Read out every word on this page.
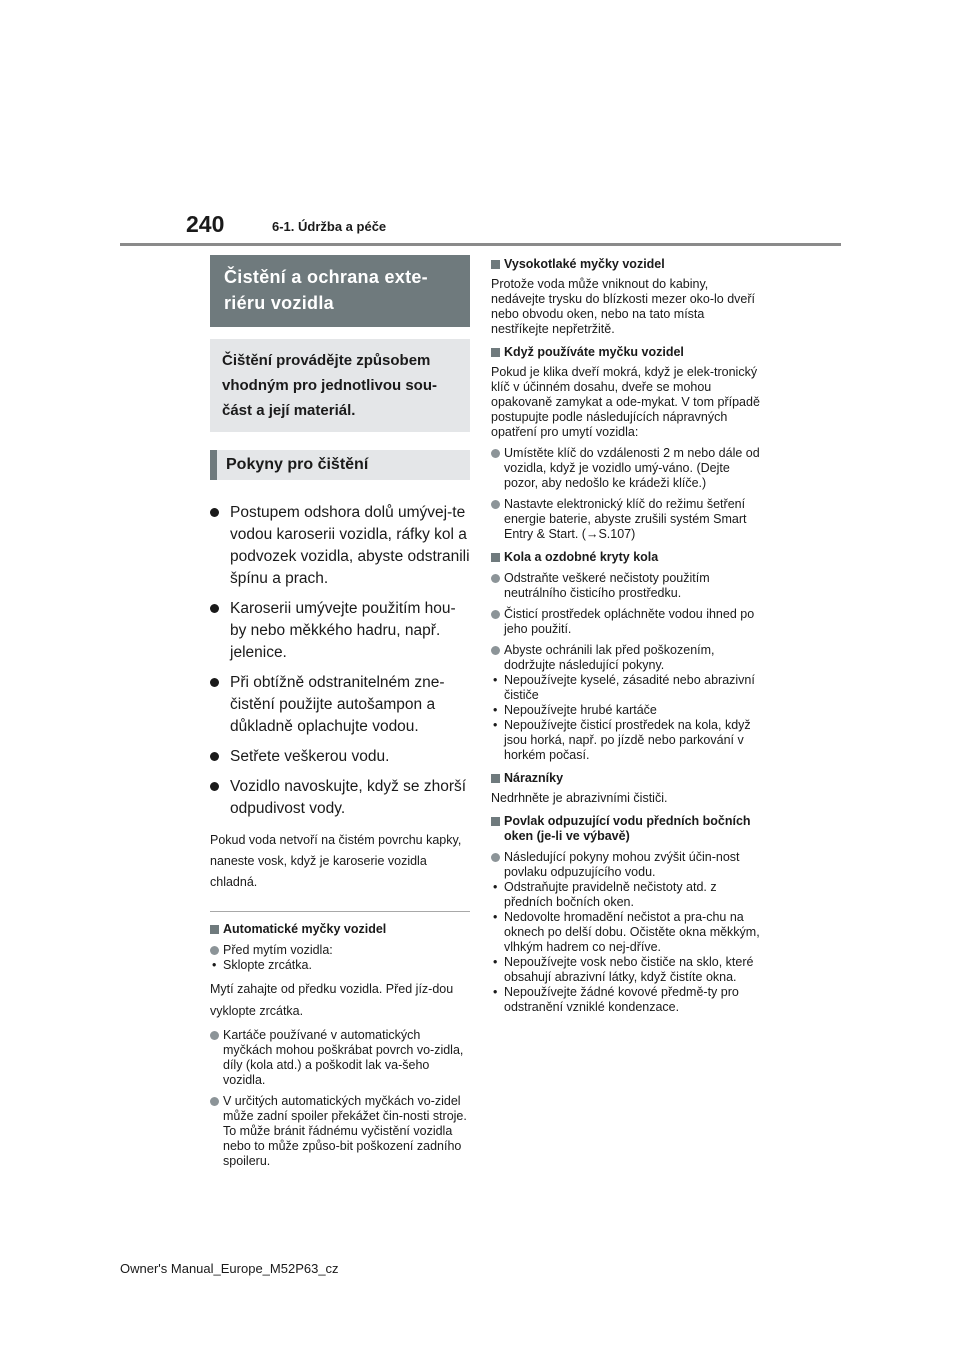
240	6-1. Údržba a péče
Čistění a ochrana exte-riéru vozidla
Čištění provádějte způsobem vhodným pro jednotlivou sou-část a její materiál.
Pokyny pro čištění
Postupem odshora dolů umývej-te vodou karoserii vozidla, ráfky kol a podvozek vozidla, abyste odstranili špínu a prach.
Karoserii umývejte použitím hou-by nebo měkkého hadru, např. jelenice.
Při obtížně odstranitelném zne-čistění použijte autošampon a důkladně oplachujte vodou.
Setřete veškerou vodu.
Vozidlo navoskujte, když se zhorší odpudivost vody.
Pokud voda netvoří na čistém povrchu kapky, naneste vosk, když je karoserie vozidla chladná.
Automatické myčky vozidel
Před mytím vozidla:
• Sklopte zrcátka.
Mytí zahajte od předku vozidla. Před jíz-dou vyklopte zrcátka.
Kartáče používané v automatických myčkách mohou poškrábat povrch vo-zidla, díly (kola atd.) a poškodit lak va-šeho vozidla.
V určitých automatických myčkách vo-zidel může zadní spoiler překážet čin-nosti stroje. To může bránit řádnému vyčistění vozidla nebo to může způso-bit poškození zadního spoileru.
Vysokotlaké myčky vozidel
Protože voda může vniknout do kabiny, nedávejte trysku do blízkosti mezer oko-lo dveří nebo obvodu oken, nebo na tato místa nestříkejte nepřetržitě.
Když používáte myčku vozidel
Pokud je klika dveří mokrá, když je elek-tronický klíč v účinném dosahu, dveře se mohou opakovaně zamykat a ode-mykat. V tom případě postupujte podle následujících nápravných opatření pro umytí vozidla:
Umístěte klíč do vzdálenosti 2 m nebo dále od vozidla, když je vozidlo umý-váno. (Dejte pozor, aby nedošlo ke krádeži klíče.)
Nastavte elektronický klíč do režimu šetření energie baterie, abyste zrušili systém Smart Entry & Start. (→S.107)
Kola a ozdobné kryty kola
Odstraňte veškeré nečistoty použitím neutrálního čisticího prostředku.
Čisticí prostředek opláchněte vodou ihned po jeho použití.
Abyste ochránili lak před poškozením, dodržujte následující pokyny.
• Nepoužívejte kyselé, zásadité nebo abrazivní čističe
• Nepoužívejte hrubé kartáče
• Nepoužívejte čisticí prostředek na kola, když jsou horká, např. po jízdě nebo parkování v horkém počasí.
Nárazníky
Nedrhněte je abrazivními čističi.
Povlak odpuzující vodu předních bočních oken (je-li ve výbavě)
Následující pokyny mohou zvýšit účin-nost povlaku odpuzujícího vodu.
• Odstraňujte pravidelně nečistoty atd. z předních bočních oken.
• Nedovolte hromadění nečistot a pra-chu na oknech po delší dobu. Očistěte okna měkkým, vlhkým hadrem co nej-dříve.
• Nepoužívejte vosk nebo čističe na sklo, které obsahují abrazivní látky, když čistíte okna.
• Nepoužívejte žádné kovové předmě-ty pro odstranění vzniklé kondenzace.
Owner's Manual_Europe_M52P63_cz
